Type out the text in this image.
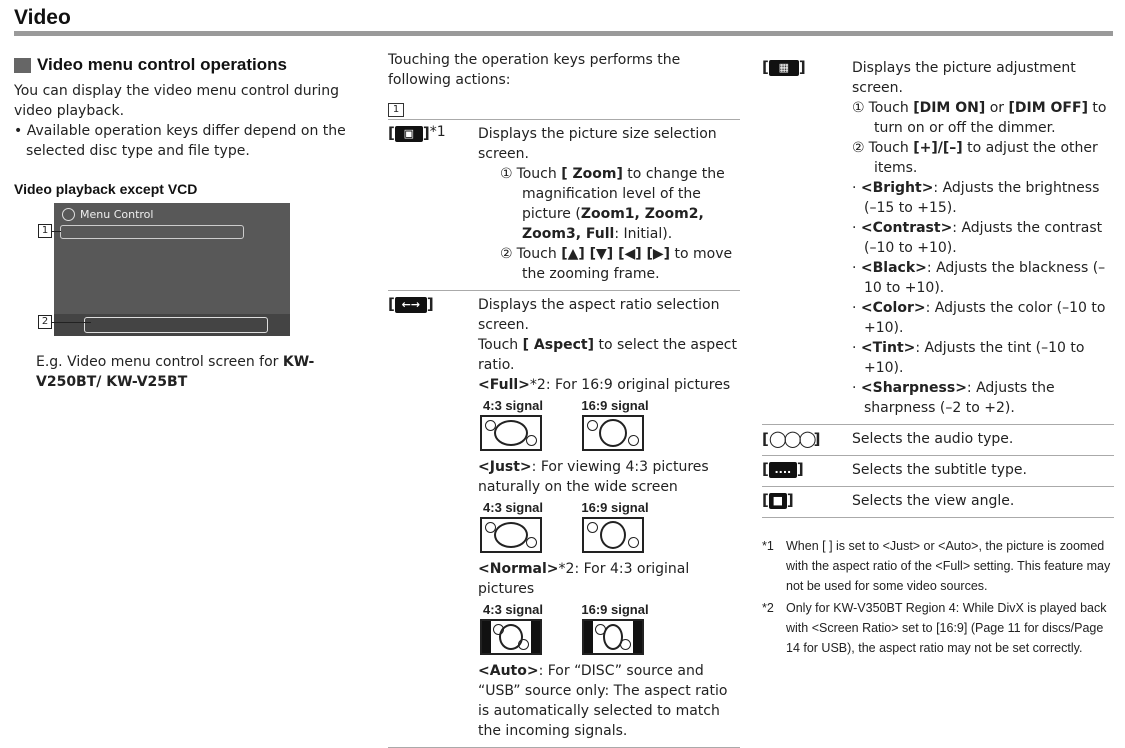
Video
Video menu control operations

You can display the video menu control during video playback.

• Available operation keys differ depend on the selected disc type and file type.

Video playback except VCD
Menu Control
1
2

E.g. Video menu control screen for KW-V250BT/ KW-V25BT

Touching the operation keys performs the following actions:

1
[ ▣ ] *1 Displays the picture size selection screen.

① Touch [ Zoom] to change the magnification level of the picture (Zoom1, Zoom2, Zoom3, Full: Initial).

② Touch [▲] [▼] [◀] [▶] to move the zooming frame.

[ ←→ ]	Displays the aspect ratio selection screen.

Touch [ Aspect] to select the aspect ratio.

<Full>*2: For 16:9 original pictures

4:3 signal	16:9 signal

<Just>: For viewing 4:3 pictures naturally on the wide screen

4:3 signal	16:9 signal

<Normal>*2: For 4:3 original pictures

4:3 signal	16:9 signal

<Auto>: For “DISC” source and “USB” source only: The aspect ratio is automatically selected to match the incoming signals.

[ ▦ ]	Displays the picture adjustment screen.

① Touch [DIM ON] or [DIM OFF] to turn on or off the dimmer.

② Touch [+]/[–] to adjust the other items.

· <Bright>: Adjusts the brightness (–15 to +15).

· <Contrast>: Adjusts the contrast (–10 to +10).

· <Black>: Adjusts the blackness (–10 to +10).

· <Color>: Adjusts the color (–10 to +10).

· <Tint>: Adjusts the tint (–10 to +10).

· <Sharpness>: Adjusts the sharpness (–2 to +2).

[◯◯◯] Selects the audio type.

[ .... ]	Selects the subtitle type.

[ ■ ]	Selects the view angle.

*1 When [ ] is set to <Just> or <Auto>, the picture is zoomed with the aspect ratio of the <Full> setting. This feature may not be used for some video sources.
*2 Only for KW-V350BT Region 4: While DivX is played back with <Screen Ratio> set to [16:9] (Page 11 for discs/Page 14 for USB), the aspect ratio may not be set correctly.
